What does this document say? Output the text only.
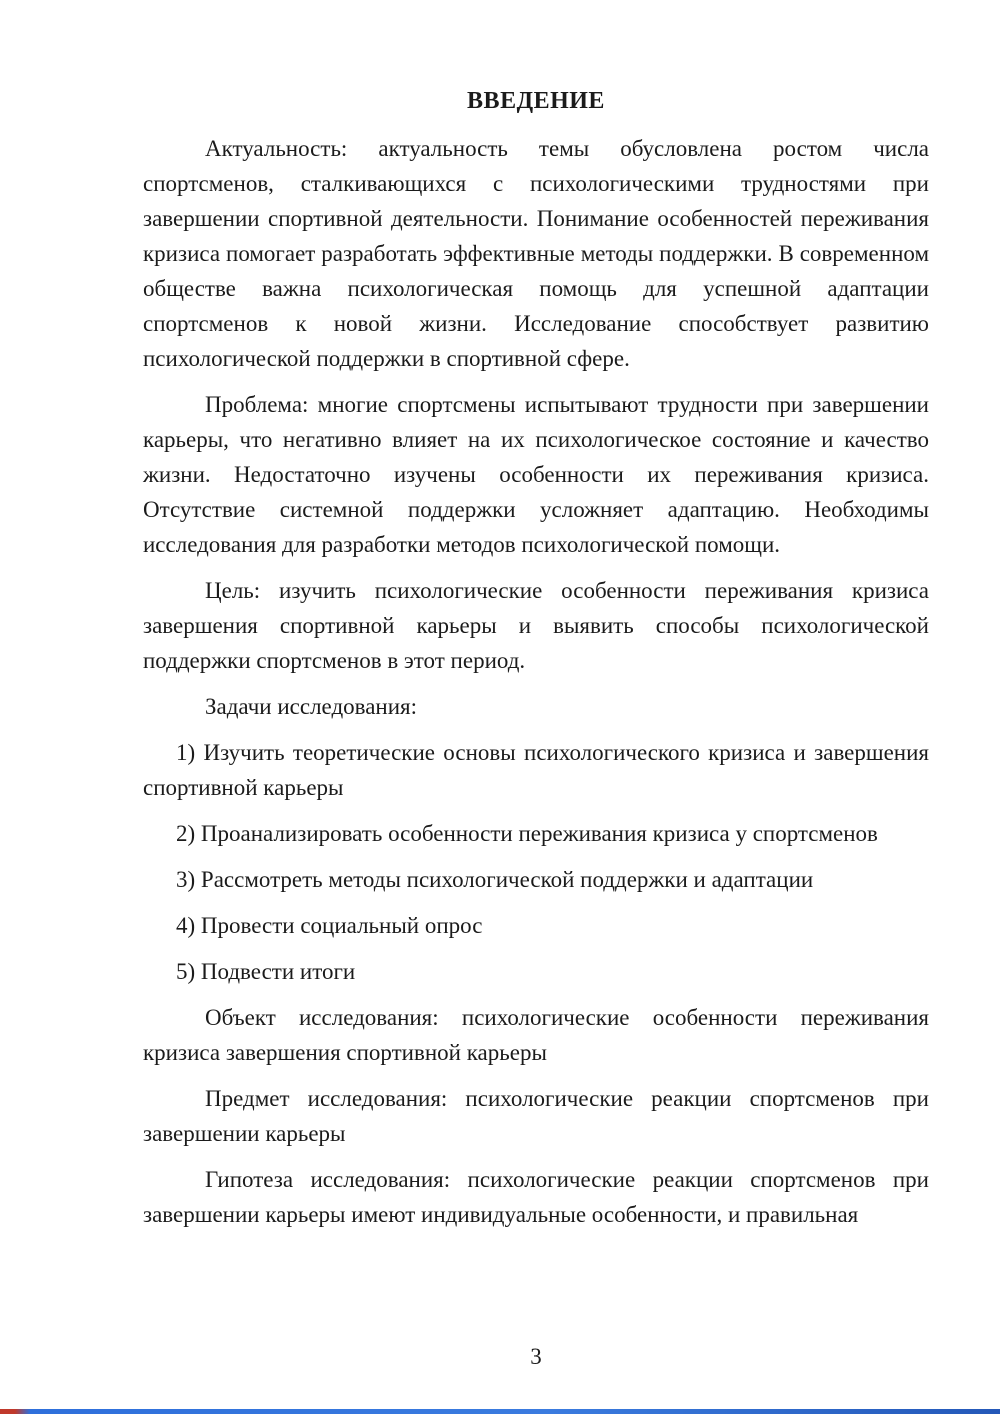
ВВЕДЕНИЕ

Актуальность: актуальность темы обусловлена ростом числа спортсменов, сталкивающихся с психологическими трудностями при завершении спортивной деятельности. Понимание особенностей переживания кризиса помогает разработать эффективные методы поддержки. В современном обществе важна психологическая помощь для успешной адаптации спортсменов к новой жизни. Исследование способствует развитию психологической поддержки в спортивной сфере.

Проблема: многие спортсмены испытывают трудности при завершении карьеры, что негативно влияет на их психологическое состояние и качество жизни. Недостаточно изучены особенности их переживания кризиса. Отсутствие системной поддержки усложняет адаптацию. Необходимы исследования для разработки методов психологической помощи.

Цель: изучить психологические особенности переживания кризиса завершения спортивной карьеры и выявить способы психологической поддержки спортсменов в этот период.

Задачи исследования:

1) Изучить теоретические основы психологического кризиса и завершения спортивной карьеры

2) Проанализировать особенности переживания кризиса у спортсменов

3) Рассмотреть методы психологической поддержки и адаптации

4) Провести социальный опрос

5) Подвести итоги

Объект исследования: психологические особенности переживания кризиса завершения спортивной карьеры

Предмет исследования: психологические реакции спортсменов при завершении карьеры

Гипотеза исследования: психологические реакции спортсменов при завершении карьеры имеют индивидуальные особенности, и правильная

3
